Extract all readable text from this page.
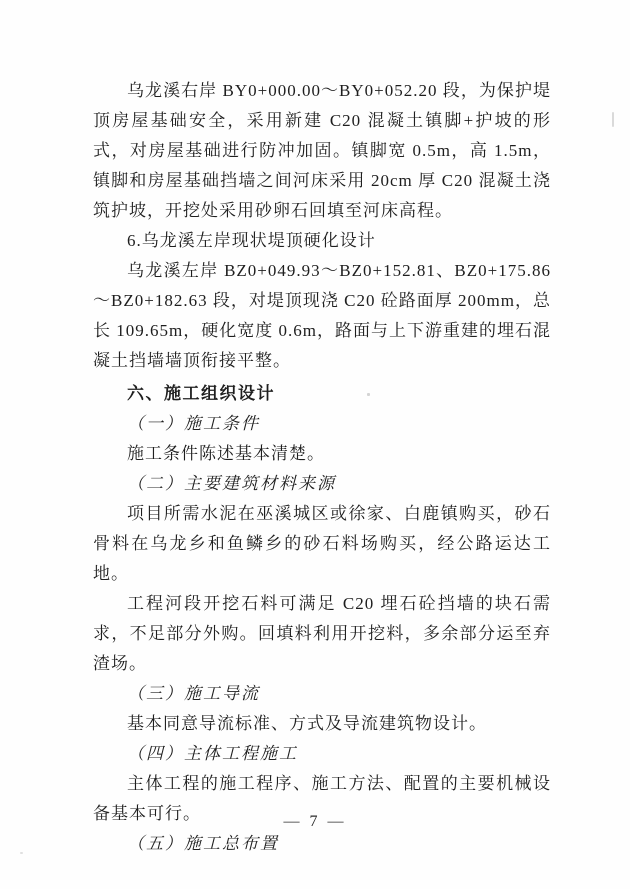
乌龙溪右岸 BY0+000.00～BY0+052.20 段，为保护堤顶房屋基础安全，采用新建 C20 混凝土镇脚+护坡的形式，对房屋基础进行防冲加固。镇脚宽 0.5m，高 1.5m，镇脚和房屋基础挡墙之间河床采用 20cm 厚 C20 混凝土浇筑护坡，开挖处采用砂卵石回填至河床高程。

6.乌龙溪左岸现状堤顶硬化设计

乌龙溪左岸 BZ0+049.93～BZ0+152.81、BZ0+175.86～BZ0+182.63 段，对堤顶现浇 C20 砼路面厚 200mm，总长 109.65m，硬化宽度 0.6m，路面与上下游重建的埋石混凝土挡墙墙顶衔接平整。

六、施工组织设计

（一）施工条件

施工条件陈述基本清楚。

（二）主要建筑材料来源

项目所需水泥在巫溪城区或徐家、白鹿镇购买，砂石骨料在乌龙乡和鱼鳞乡的砂石料场购买，经公路运达工地。

工程河段开挖石料可满足 C20 埋石砼挡墙的块石需求，不足部分外购。回填料利用开挖料，多余部分运至弃渣场。

（三）施工导流

基本同意导流标准、方式及导流建筑物设计。

（四）主体工程施工

主体工程的施工程序、施工方法、配置的主要机械设备基本可行。

（五）施工总布置

— 7 —
